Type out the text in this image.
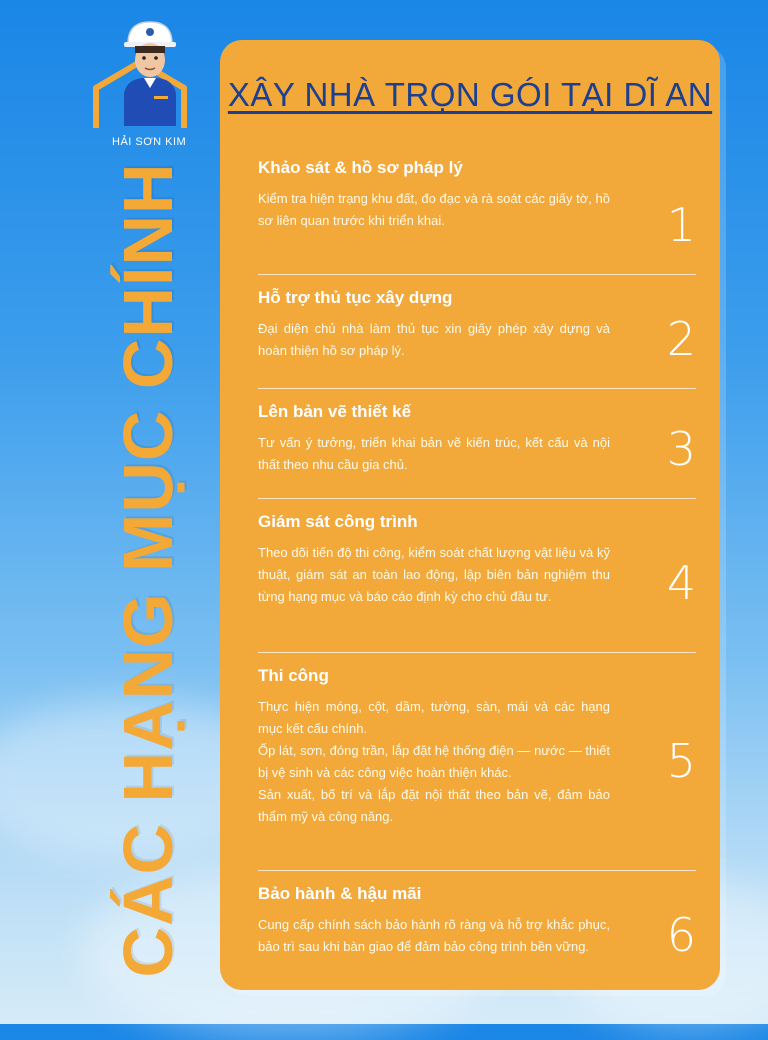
HẢI SƠN KIM
CÁC HẠNG MỤC CHÍNH
XÂY NHÀ TRỌN GÓI TẠI DĨ AN
Khảo sát & hồ sơ pháp lý
Kiểm tra hiện trạng khu đất, đo đạc và rà soát các giấy tờ, hồ sơ liên quan trước khi triển khai.	1
Hỗ trợ thủ tục xây dựng
Đại diện chủ nhà làm thủ tục xin giấy phép xây dựng và hoàn thiện hồ sơ pháp lý.	2
Lên bản vẽ thiết kế
Tư vấn ý tưởng, triển khai bản vẽ kiến trúc, kết cấu và nội thất theo nhu cầu gia chủ.	3
Giám sát công trình
Theo dõi tiến độ thi công, kiểm soát chất lượng vật liệu và kỹ thuật, giám sát an toàn lao động, lập biên bản nghiệm thu từng hạng mục và báo cáo định kỳ cho chủ đầu tư.	4
Thi công
Thực hiện móng, cột, dầm, tường, sàn, mái và các hạng mục kết cấu chính.
Ốp lát, sơn, đóng trần, lắp đặt hệ thống điện — nước — thiết bị vệ sinh và các công việc hoàn thiện khác.
Sản xuất, bố trí và lắp đặt nội thất theo bản vẽ, đảm bảo thẩm mỹ và công năng.
5
Bảo hành & hậu mãi
Cung cấp chính sách bảo hành rõ ràng và hỗ trợ khắc phục, bảo trì sau khi bàn giao để đảm bảo công trình bền vững.	6
